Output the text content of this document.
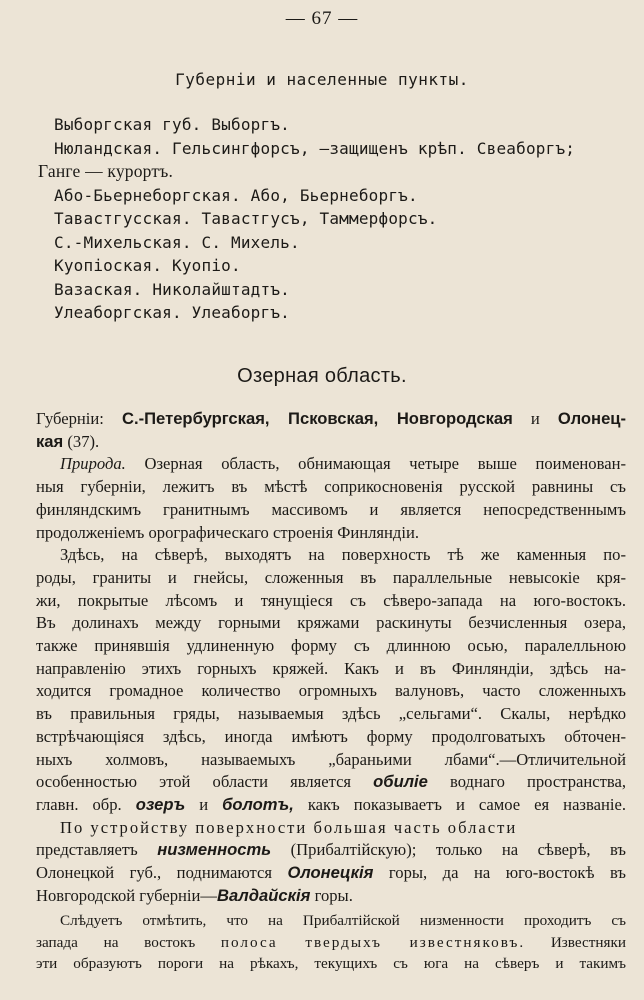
— 67 —
Губерніи и населенные пункты.
Выборгская губ. Выборгъ.
Нюландская. Гельсингфорсъ, —защищенъ крѣп. Свеаборгъ;
Ганге — курортъ.
Або-Бьернеборгская. Або, Бьернеборгъ.
Тавастгусская. Тавастгусъ, Таммерфорсъ.
С.-Михельская. С. Михель.
Куопіоская. Куопіо.
Вазаская. Николайштадтъ.
Улеаборгская. Улеаборгъ.
Озерная область.
Губерніи: С.-Петербургская, Псковская, Новгородская и Олонец-
кая (37).
Природа. Озерная область, обнимающая четыре выше поименован-
ныя губерніи, лежитъ въ мѣстѣ соприкосновенія русской равнины съ
финляндскимъ гранитнымъ массивомъ и является непосредственнымъ
продолженіемъ орографическаго строенія Финляндіи.
Здѣсь, на сѣверѣ, выходятъ на поверхность тѣ же каменныя по-
роды, граниты и гнейсы, сложенныя въ параллельные невысокіе кря-
жи, покрытые лѣсомъ и тянущіеся съ сѣверо-запада на юго-востокъ.
Въ долинахъ между горными кряжами раскинуты безчисленныя озера,
также принявшія удлиненную форму съ длинною осью, паралелльною
направленію этихъ горныхъ кряжей. Какъ и въ Финляндіи, здѣсь на-
ходится громадное количество огромныхъ валуновъ, часто сложенныхъ
въ правильныя гряды, называемыя здѣсь „сельгами“. Скалы, нерѣдко
встрѣчающіяся здѣсь, иногда имѣютъ форму продолговатыхъ обточен-
ныхъ холмовъ, называемыхъ „бараньими лбами“.—Отличительной
особенностью этой области является обиліе воднаго пространства,
главн. обр. озеръ и болотъ, какъ показываетъ и самое ея названіе.
По устройству поверхности большая часть области
представляетъ низменность (Прибалтійскую); только на сѣверѣ, въ
Олонецкой губ., поднимаются Олонецкія горы, да на юго-востокѣ въ
Новгородской губерніи—Валдайскія горы.
Слѣдуетъ отмѣтить, что на Прибалтійской низменности проходитъ съ
запада на востокъ полоса твердыхъ известняковъ. Известняки
эти образуютъ пороги на рѣкахъ, текущихъ съ юга на сѣверъ и такимъ
